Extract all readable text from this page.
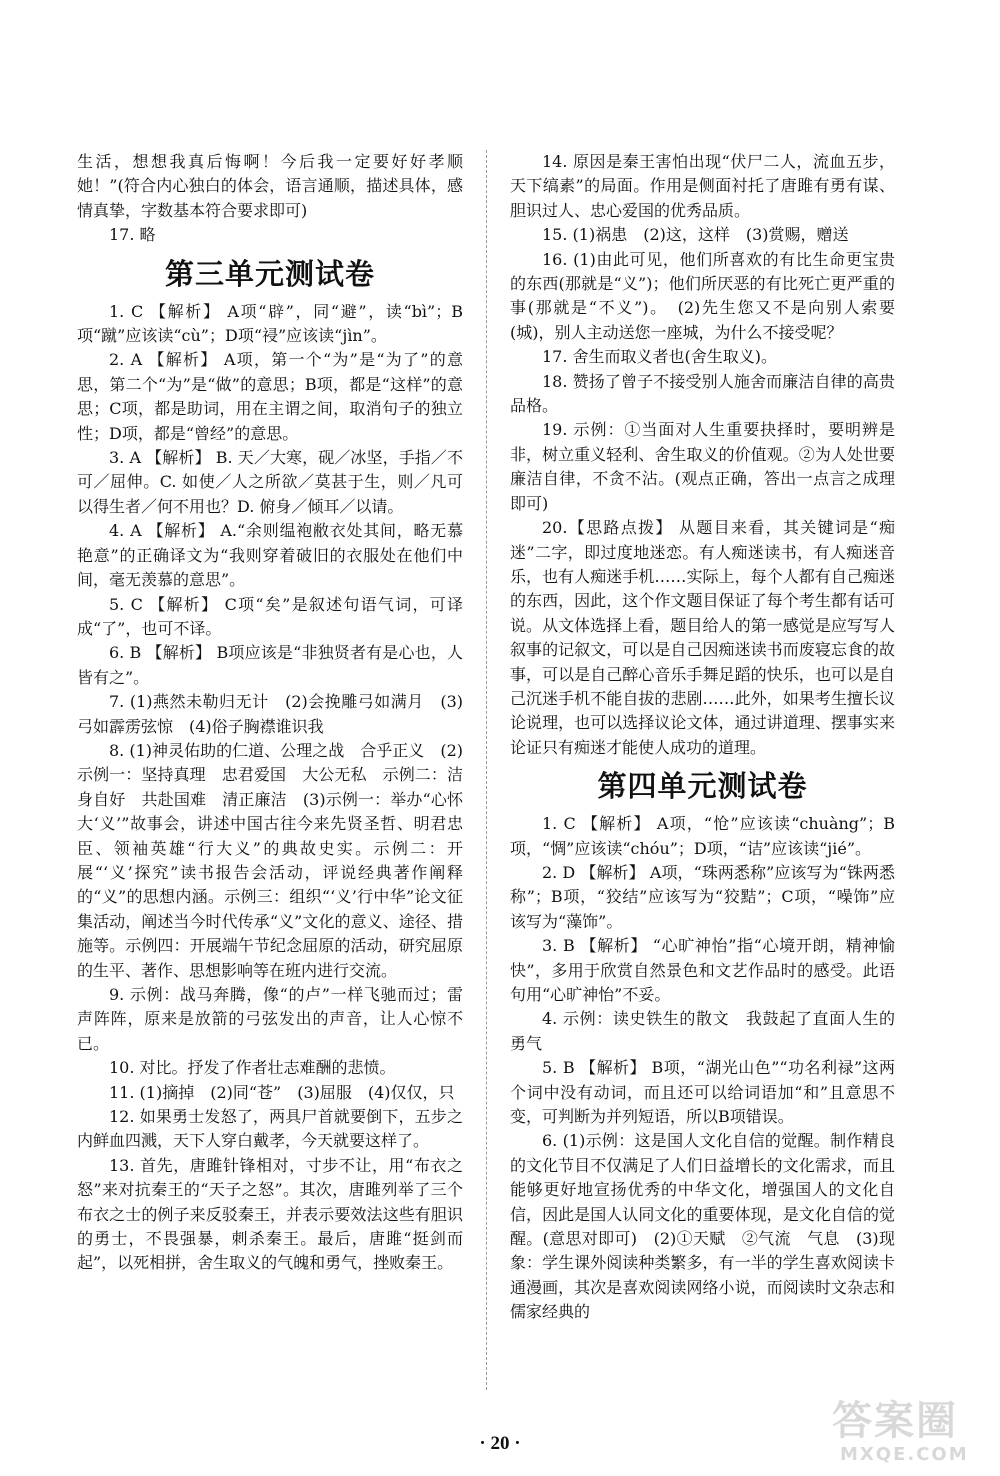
生活，想想我真后悔啊！今后我一定要好好孝顺她！”(符合内心独白的体会，语言通顺，描述具体，感情真挚，字数基本符合要求即可)

17. 略

第三单元测试卷

1. C 【解析】 A项“辟”，同“避”，读“bì”；B项“蹴”应该读“cù”；D项“祲”应该读“jìn”。

2. A 【解析】 A项，第一个“为”是“为了”的意思，第二个“为”是“做”的意思；B项，都是“这样”的意思；C项，都是助词，用在主谓之间，取消句子的独立性；D项，都是“曾经”的意思。

3. A 【解析】 B. 天／大寒，砚／冰坚，手指／不可／屈伸。C. 如使／人之所欲／莫甚于生，则／凡可以得生者／何不用也？D. 俯身／倾耳／以请。

4. A 【解析】 A.“余则缊袍敝衣处其间，略无慕艳意”的正确译文为“我则穿着破旧的衣服处在他们中间，毫无羡慕的意思”。

5. C 【解析】 C项“矣”是叙述句语气词，可译成“了”，也可不译。

6. B 【解析】 B项应该是“非独贤者有是心也，人皆有之”。

7. (1)燕然未勒归无计　(2)会挽雕弓如满月　(3)弓如霹雳弦惊　(4)俗子胸襟谁识我

8. (1)神灵佑助的仁道、公理之战　合乎正义　(2)示例一：坚持真理　忠君爱国　大公无私　示例二：洁身自好　共赴国难　清正廉洁　(3)示例一：举办“心怀大‘义’”故事会，讲述中国古往今来先贤圣哲、明君忠臣、领袖英雄“行大义”的典故史实。示例二：开展“‘义’探究”读书报告会活动，评说经典著作阐释的“义”的思想内涵。示例三：组织“‘义’行中华”论文征集活动，阐述当今时代传承“义”文化的意义、途径、措施等。示例四：开展端午节纪念屈原的活动，研究屈原的生平、著作、思想影响等在班内进行交流。

9. 示例：战马奔腾，像“的卢”一样飞驰而过；雷声阵阵，原来是放箭的弓弦发出的声音，让人心惊不已。

10. 对比。抒发了作者壮志难酬的悲愤。

11. (1)摘掉　(2)同“苍”　(3)屈服　(4)仅仅，只

12. 如果勇士发怒了，两具尸首就要倒下，五步之内鲜血四溅，天下人穿白戴孝，今天就要这样了。

13. 首先，唐雎针锋相对，寸步不让，用“布衣之怒”来对抗秦王的“天子之怒”。其次，唐雎列举了三个布衣之士的例子来反驳秦王，并表示要效法这些有胆识的勇士，不畏强暴，刺杀秦王。最后，唐雎“挺剑而起”，以死相拼，舍生取义的气魄和勇气，挫败秦王。

14. 原因是秦王害怕出现“伏尸二人，流血五步，天下缟素”的局面。作用是侧面衬托了唐雎有勇有谋、胆识过人、忠心爱国的优秀品质。

15. (1)祸患　(2)这，这样　(3)赏赐，赠送

16. (1)由此可见，他们所喜欢的有比生命更宝贵的东西(那就是“义”)；他们所厌恶的有比死亡更严重的事(那就是“不义”)。　(2)先生您又不是向别人索要(城)，别人主动送您一座城，为什么不接受呢？

17. 舍生而取义者也(舍生取义)。

18. 赞扬了曾子不接受别人施舍而廉洁自律的高贵品格。

19. 示例：①当面对人生重要抉择时，要明辨是非，树立重义轻利、舍生取义的价值观。②为人处世要廉洁自律，不贪不沾。(观点正确，答出一点言之成理即可)

20.【思路点拨】 从题目来看，其关键词是“痴迷”二字，即过度地迷恋。有人痴迷读书，有人痴迷音乐，也有人痴迷手机……实际上，每个人都有自己痴迷的东西，因此，这个作文题目保证了每个考生都有话可说。从文体选择上看，题目给人的第一感觉是应写写人叙事的记叙文，可以是自己因痴迷读书而废寝忘食的故事，可以是自己醉心音乐手舞足蹈的快乐，也可以是自己沉迷手机不能自拔的悲剧……此外，如果考生擅长议论说理，也可以选择议论文体，通过讲道理、摆事实来论证只有痴迷才能使人成功的道理。

第四单元测试卷

1. C 【解析】 A项，“怆”应该读“chuàng”；B项，“惆”应该读“chóu”；D项，“诘”应该读“jié”。

2. D 【解析】 A项，“珠两悉称”应该写为“铢两悉称”；B项，“狡结”应该写为“狡黠”；C项，“噪饰”应该写为“藻饰”。

3. B 【解析】 “心旷神怡”指“心境开朗，精神愉快”，多用于欣赏自然景色和文艺作品时的感受。此语句用“心旷神怡”不妥。

4. 示例：读史铁生的散文　我鼓起了直面人生的勇气

5. B 【解析】 B项，“湖光山色”“功名利禄”这两个词中没有动词，而且还可以给词语加“和”且意思不变，可判断为并列短语，所以B项错误。

6. (1)示例：这是国人文化自信的觉醒。制作精良的文化节目不仅满足了人们日益增长的文化需求，而且能够更好地宣扬优秀的中华文化，增强国人的文化自信，因此是国人认同文化的重要体现，是文化自信的觉醒。(意思对即可)　(2)①天赋　②气流　气息　(3)现象：学生课外阅读种类繁多，有一半的学生喜欢阅读卡通漫画，其次是喜欢阅读网络小说，而阅读时文杂志和儒家经典的

· 20 ·	答案圈
MXQE.COM
